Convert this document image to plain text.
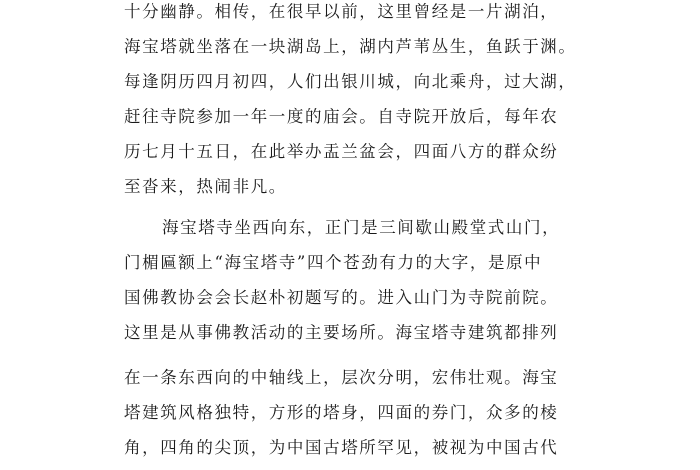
十分幽静。相传，在很早以前，这里曾经是一片湖泊，
海宝塔就坐落在一块湖岛上，湖内芦苇丛生，鱼跃于渊。
每逢阴历四月初四，人们出银川城，向北乘舟，过大湖，
赶往寺院参加一年一度的庙会。自寺院开放后，每年农
历七月十五日，在此举办盂兰盆会，四面八方的群众纷
至沓来，热闹非凡。
海宝塔寺坐西向东，正门是三间歇山殿堂式山门，
门楣匾额上“海宝塔寺”四个苍劲有力的大字，是原中
国佛教协会会长赵朴初题写的。进入山门为寺院前院。
这里是从事佛教活动的主要场所。海宝塔寺建筑都排列
在一条东西向的中轴线上，层次分明，宏伟壮观。海宝
塔建筑风格独特，方形的塔身，四面的券门，众多的棱
角，四角的尖顶，为中国古塔所罕见，被视为中国古代
